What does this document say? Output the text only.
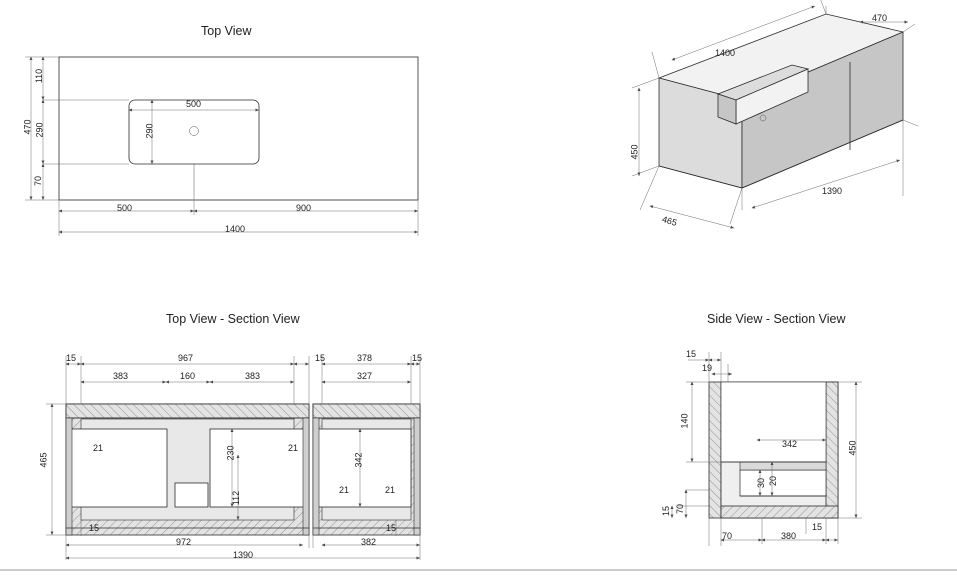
Top View
Top View - Section View	Side View - Section View
470
110
290
70
500
290
500	900
1400
470
1400
450
1390
465
15	967	15	378	15
383	160	383	327
465
21	230	21
342
112
21	21
15	15
972	382
1390
15
19
140
342	450
30 20
15 70
70	380
15
